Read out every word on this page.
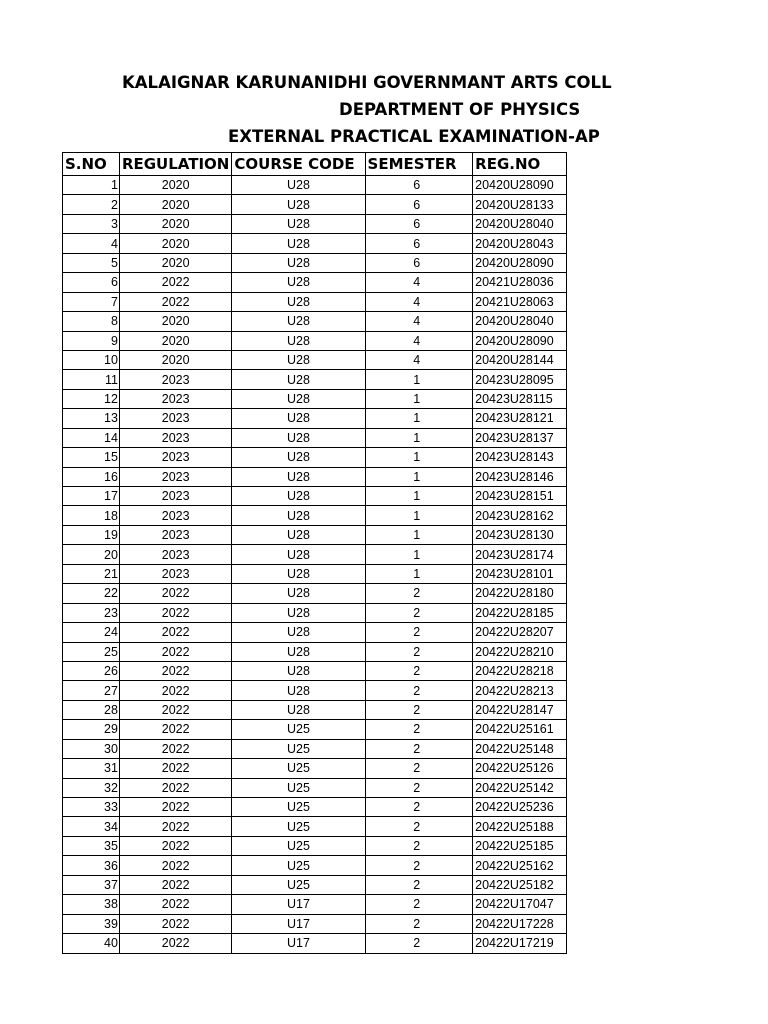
KALAIGNAR KARUNANIDHI GOVERNMANT ARTS COLL
DEPARTMENT OF PHYSICS
EXTERNAL PRACTICAL EXAMINATION-AP
S.NO	REGULATION	COURSE CODE	SEMESTER	REG.NO
1	2020	U28	6	20420U28090
2	2020	U28	6	20420U28133
3	2020	U28	6	20420U28040
4	2020	U28	6	20420U28043
5	2020	U28	6	20420U28090
6	2022	U28	4	20421U28036
7	2022	U28	4	20421U28063
8	2020	U28	4	20420U28040
9	2020	U28	4	20420U28090
10	2020	U28	4	20420U28144
11	2023	U28	1	20423U28095
12	2023	U28	1	20423U28115
13	2023	U28	1	20423U28121
14	2023	U28	1	20423U28137
15	2023	U28	1	20423U28143
16	2023	U28	1	20423U28146
17	2023	U28	1	20423U28151
18	2023	U28	1	20423U28162
19	2023	U28	1	20423U28130
20	2023	U28	1	20423U28174
21	2023	U28	1	20423U28101
22	2022	U28	2	20422U28180
23	2022	U28	2	20422U28185
24	2022	U28	2	20422U28207
25	2022	U28	2	20422U28210
26	2022	U28	2	20422U28218
27	2022	U28	2	20422U28213
28	2022	U28	2	20422U28147
29	2022	U25	2	20422U25161
30	2022	U25	2	20422U25148
31	2022	U25	2	20422U25126
32	2022	U25	2	20422U25142
33	2022	U25	2	20422U25236
34	2022	U25	2	20422U25188
35	2022	U25	2	20422U25185
36	2022	U25	2	20422U25162
37	2022	U25	2	20422U25182
38	2022	U17	2	20422U17047
39	2022	U17	2	20422U17228
40	2022	U17	2	20422U17219
